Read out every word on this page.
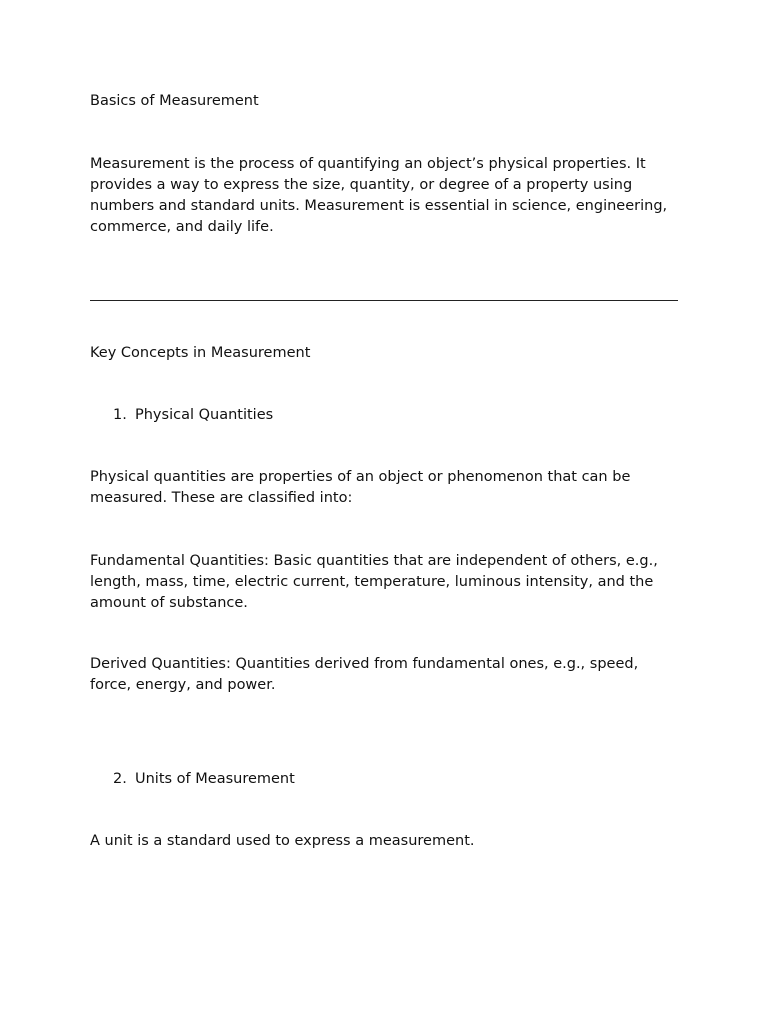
Basics of Measurement

Measurement is the process of quantifying an object’s physical properties. It provides a way to express the size, quantity, or degree of a property using numbers and standard units. Measurement is essential in science, engineering, commerce, and daily life.

Key Concepts in Measurement

1. Physical Quantities

Physical quantities are properties of an object or phenomenon that can be measured. These are classified into:

Fundamental Quantities: Basic quantities that are independent of others, e.g., length, mass, time, electric current, temperature, luminous intensity, and the amount of substance.

Derived Quantities: Quantities derived from fundamental ones, e.g., speed, force, energy, and power.

2. Units of Measurement

A unit is a standard used to express a measurement.
